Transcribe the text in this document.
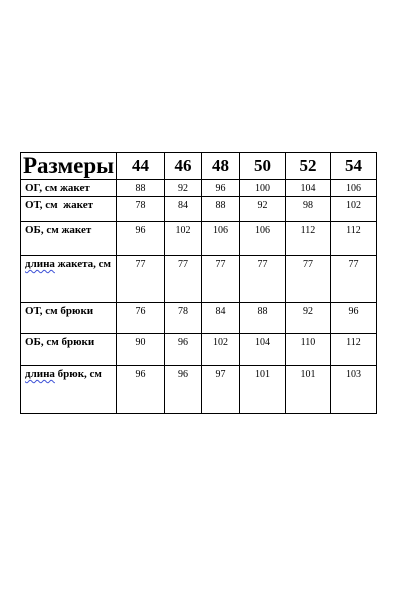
Размеры	44	46	48	50	52	54
ОГ, см жакет	88	92	96	100	104	106
ОТ, см  жакет	78	84	88	92	98	102
ОБ, см жакет	96	102	106	106	112	112
длина жакета, см	77	77	77	77	77	77
ОТ, см брюки	76	78	84	88	92	96
ОБ, см брюки	90	96	102	104	110	112
длина брюк, см	96	96	97	101	101	103
